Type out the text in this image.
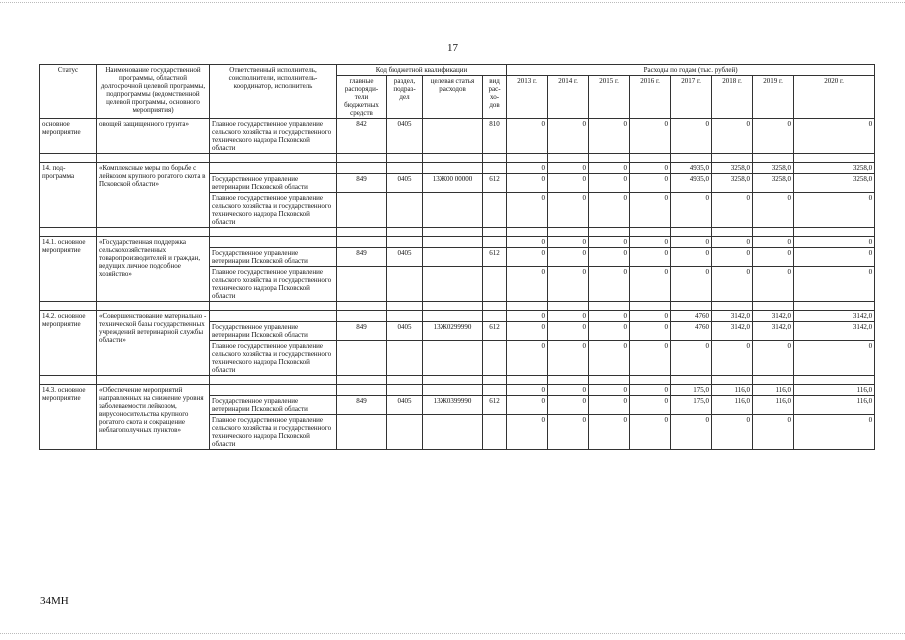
17
Статус	Наименование государственной программы, областной долгосрочной целевой программы, подпрограммы (ведомственной целевой программы, основного мероприятия)	Ответственный исполнитель, соисполнители, исполнитель-координатор, исполнитель	Код бюджетной квалификации				Расходы по годам (тыс. рублей)							
			главные распоряди-тели бюджетных средств	раздел, подраз-дел	целевая статья расходов	вид рас-хо-дов	2013 г.	2014 г.	2015 г.	2016 г.	2017 г.	2018 г.	2019 г.	2020 г.
основное мероприятие	овощей защищенного грунта»	Главное государственное управление сельского хозяйства и государственного технического надзора Псковской области	842	0405		810	0	0	0	0	0	0	0	0

14. под-программа	«Комплексные меры по борьбе с лейкозом крупного рогатого скота в Псковской области»						0	0	0	0	4935,0	3258,0	3258,0	3258,0
		Государственное управление ветеринарии Псковской области	849	0405	13Ж00 00000	612	0	0	0	0	4935,0	3258,0	3258,0	3258,0
		Главное государственное управление сельского хозяйства и государственного технического надзора Псковской области					0	0	0	0	0	0	0	0

14.1. основное мероприятие	«Государственная поддержка сельскохозяйственных товаропроизводителей и граждан, ведущих личное подсобное хозяйство»						0	0	0	0	0	0	0	0
		Государственное управление ветеринарии Псковской области	849	0405		612	0	0	0	0	0	0	0	0
		Главное государственное управление сельского хозяйства и государственного технического надзора Псковской области					0	0	0	0	0	0	0	0

14.2. основное мероприятие	«Совершенствование материально - технической базы государственных учреждений ветеринарной службы области»						0	0	0	0	4760	3142,0	3142,0	3142,0
		Государственное управление ветеринарии Псковской области	849	0405	13Ж0299990	612	0	0	0	0	4760	3142,0	3142,0	3142,0
		Главное государственное управление сельского хозяйства и государственного технического надзора Псковской области					0	0	0	0	0	0	0	0

14.3. основное мероприятие	«Обеспечение мероприятий направленных на снижение уровня заболеваемости лейкозом, вирусоносительства крупного рогатого скота и сокращение неблагополучных пунктов»						0	0	0	0	175,0	116,0	116,0	116,0
		Государственное управление ветеринарии Псковской области	849	0405	13Ж0399990	612	0	0	0	0	175,0	116,0	116,0	116,0
		Главное государственное управление сельского хозяйства и государственного технического надзора Псковской области					0	0	0	0	0	0	0	0
34МН
